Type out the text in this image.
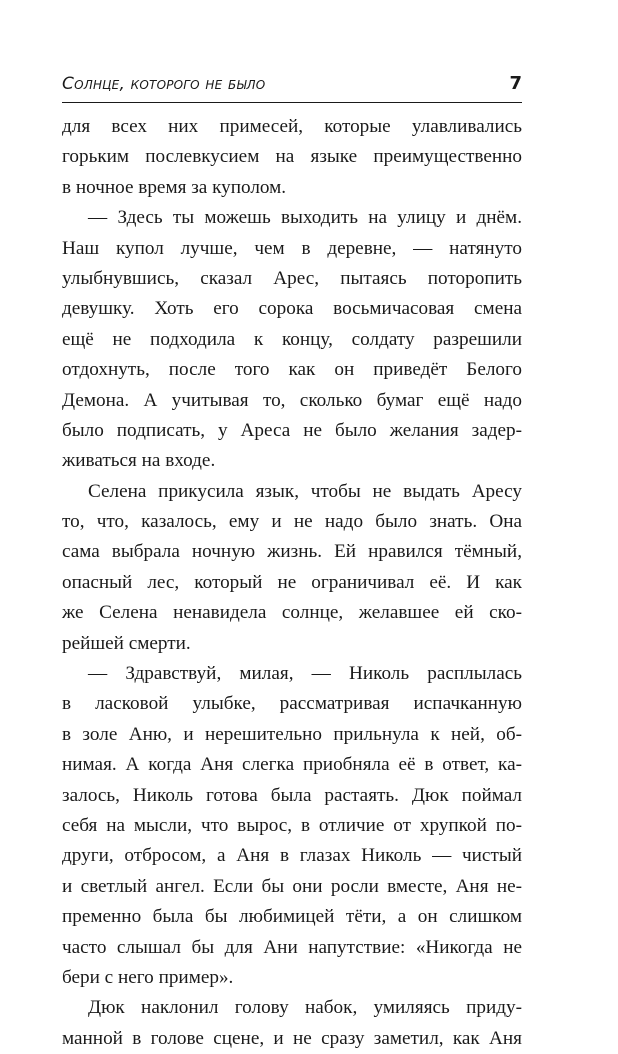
Солнце, которого не было	7
для всех них примесей, которые улавливались
горьким послевкусием на языке преимущественно
в ночное время за куполом.
— Здесь ты можешь выходить на улицу и днём.
Наш купол лучше, чем в деревне, — натянуто
улыбнувшись, сказал Арес, пытаясь поторопить
девушку. Хоть его сорока восьмичасовая смена
ещё не подходила к концу, солдату разрешили
отдохнуть, после того как он приведёт Белого
Демона. А учитывая то, сколько бумаг ещё надо
было подписать, у Ареса не было желания задер-
живаться на входе.
Селена прикусила язык, чтобы не выдать Аресу
то, что, казалось, ему и не надо было знать. Она
сама выбрала ночную жизнь. Ей нравился тёмный,
опасный лес, который не ограничивал её. И как
же Селена ненавидела солнце, желавшее ей ско-
рейшей смерти.
— Здравствуй, милая, — Николь расплылась
в ласковой улыбке, рассматривая испачканную
в золе Аню, и нерешительно прильнула к ней, об-
нимая. А когда Аня слегка приобняла её в ответ, ка-
залось, Николь готова была растаять. Дюк поймал
себя на мысли, что вырос, в отличие от хрупкой по-
други, отбросом, а Аня в глазах Николь — чистый
и светлый ангел. Если бы они росли вместе, Аня не-
пременно была бы любимицей тёти, а он слишком
часто слышал бы для Ани напутствие: «Никогда не
бери с него пример».
Дюк наклонил голову набок, умиляясь приду-
манной в голове сцене, и не сразу заметил, как Аня
